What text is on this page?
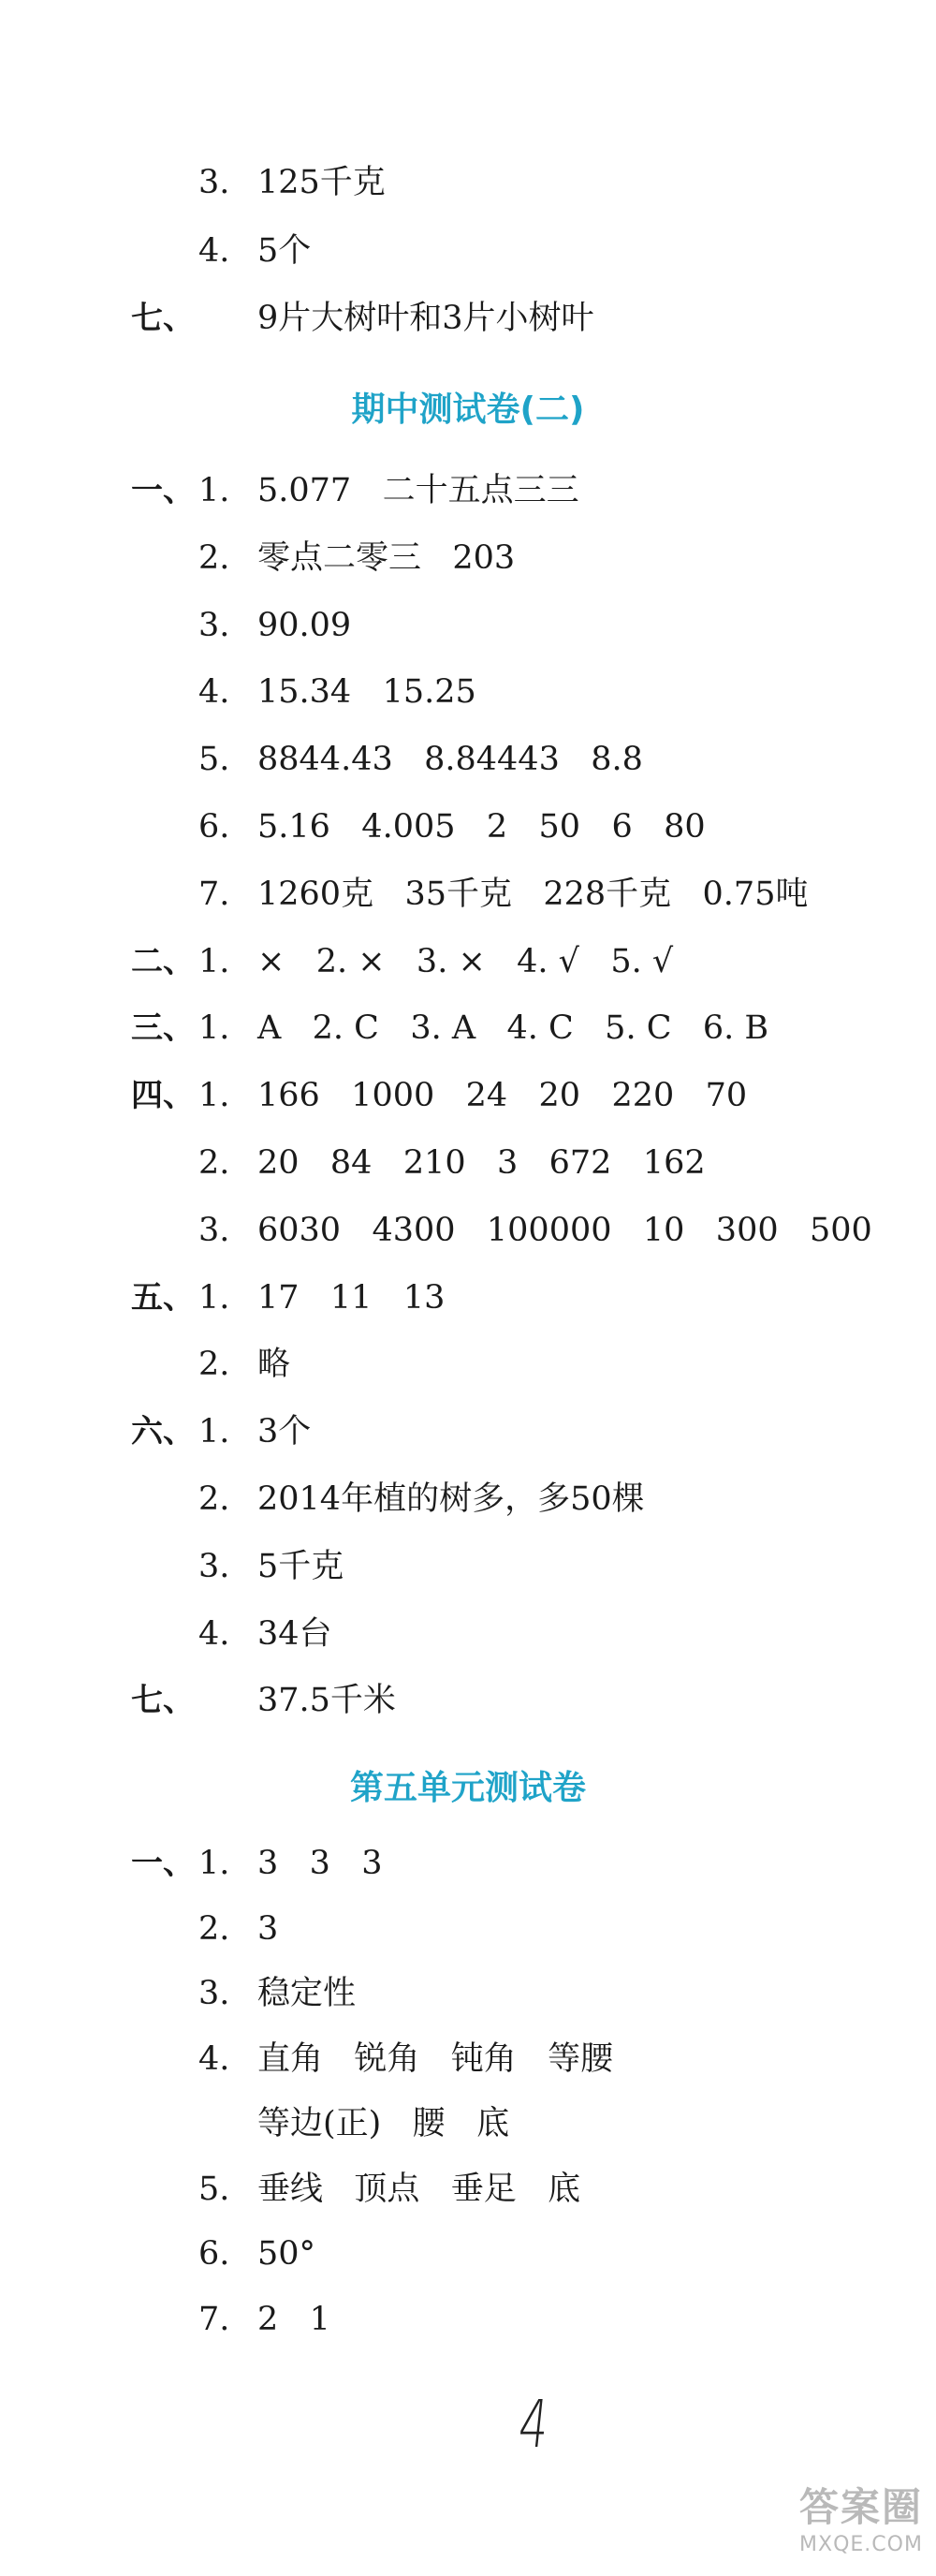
3. 125千克
4. 5个
七、 9片大树叶和3片小树叶
期中测试卷(二)
一、 1. 5.077   二十五点三三
2. 零点二零三   203
3. 90.09
4. 15.34   15.25
5. 8844.43   8.84443   8.8
6. 5.16   4.005   2   50   6   80
7. 1260克   35千克   228千克   0.75吨
二、 1. ×   2. ×   3. ×   4. √   5. √
三、 1. A   2. C   3. A   4. C   5. C   6. B
四、 1. 166   1000   24   20   220   70
2. 20   84   210   3   672   162
3. 6030   4300   100000   10   300   500
五、 1. 17   11   13
2. 略
六、 1. 3个
2. 2014年植的树多，多50棵
3. 5千克
4. 34台
七、 37.5千米
第五单元测试卷
一、 1. 3   3   3
2. 3
3. 稳定性
4. 直角   锐角   钝角   等腰
等边(正)   腰   底
5. 垂线   顶点   垂足   底
6. 50°
7. 2   1
4
答案圈
MXQE.COM
